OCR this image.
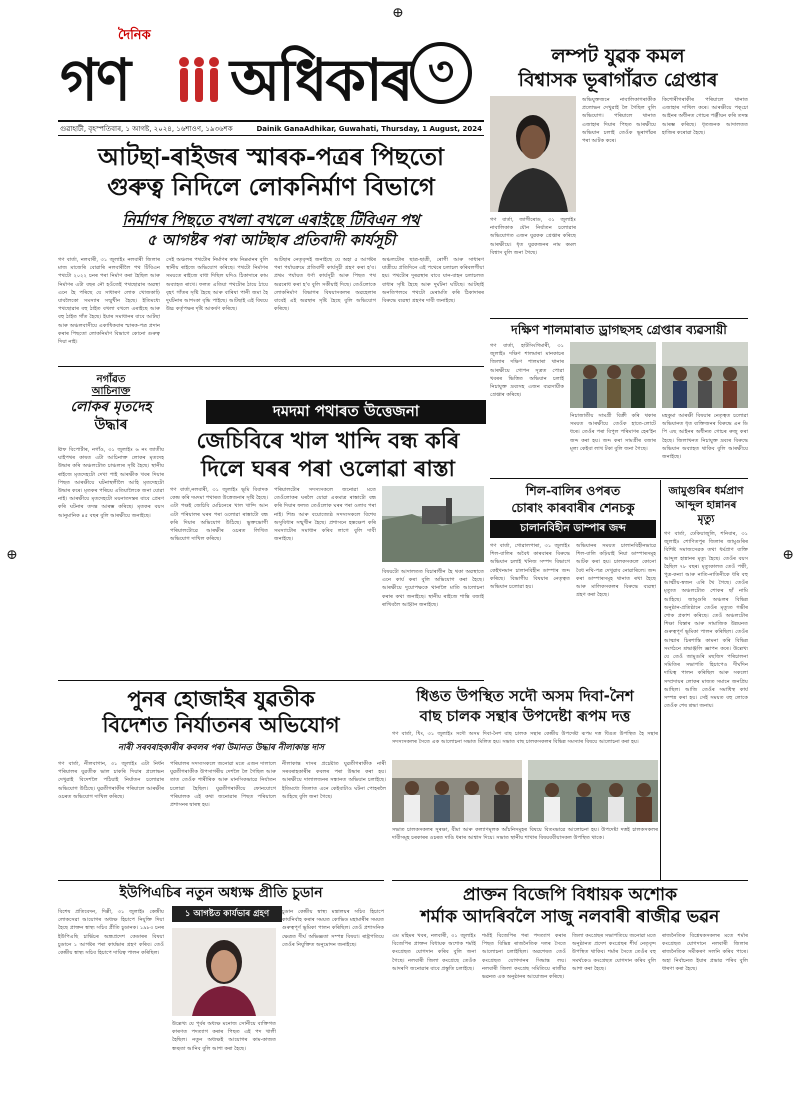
⊕
⊕	⊕
দৈনিক
গণ অধিকাৰ ৩
গুৱাহাটী, বৃহস্পতিবাৰ, ১ আগষ্ট, ২০২৪, ১৬শাওণ, ১৯৩৬শক	Dainik GanaAdhikar, Guwahati, Thursday, 1 August, 2024
আটছা-ৰাইজৰ স্মাৰক-পত্ৰৰ পিছতো
গুৰুত্ব নিদিলে লোকনিৰ্মাণ বিভাগে
নিৰ্মাণৰ পিছতে বখলা বখলে এৰাইছে টিবিএন পথ
৫ আগষ্টৰ পৰা আটছাৰ প্ৰতিবাদী কাৰ্যসূচী
গণ বাৰ্তা, নলবাৰী, ৩১ জুলাইঃ নলবাৰী জিলাৰ মাজ মাজেৰি বোৱাৰি নলবাৰীলৈ পথ টিবিএন পথটো ২০২২ চনৰ পৰা নিৰ্মাণ কৰা হৈছিল আৰু নিৰ্মাণৰ এটা বছৰ নৌ হওঁতেই পথছোৱাৰ অৱস্থা এনে হৈ পৰিছে যে সাধাৰণ লোক খোজকাঢ়ি যাবলৈকো সমস্যাৰ সন্মুখীন হৈছে। ইতিমধ্যে পথছোৱাৰ বহু ঠাইত বখলা বখলে এৰাইছে আৰু বহু ঠাইত গাঁত হৈছে। ইয়াৰ সমাধানৰ বাবে আটছা আৰু অঞ্চলবাসীয়ে একাধিকবাৰ স্মাৰক-পত্ৰ প্ৰদান কৰাৰ পিছতো লোকনিৰ্মাণ বিভাগে কোনো গুৰুত্ব দিয়া নাই।
সেই অঞ্চলৰ পথটোৰ নিৰ্মাণৰ কাম নিম্নমানৰ বুলি স্থানীয় ৰাইজে অভিযোগ কৰিছে। পথটো নিৰ্মাণৰ সময়তে ৰাইজে বাধা দিছিল যদিও ঠিকাদাৰে কাম অব্যাহত ৰাখে। ফলত এতিয়া পথটোৰ ঠায়ে ঠায়ে বৃহৎ গাঁতৰ সৃষ্টি হৈছে আৰু বাৰিষা পানী জমা হৈ দুৰ্ঘটনাৰ আশংকা বৃদ্ধি পাইছে। আটছাই এই বিষয়ে উচ্চ কৰ্তৃপক্ষৰ দৃষ্টি আকৰ্ষণ কৰিছে।
আটছাৰ নেতৃবৃন্দই জনাইছে যে অহা ৫ আগষ্টৰ পৰা পৰ্যায়ক্ৰমে প্ৰতিবাদী কাৰ্যসূচী গ্ৰহণ কৰা হ'ব। প্ৰথম পৰ্যায়ত ধৰ্ণা কাৰ্যসূচী আৰু পিছত পথ অৱৰোধ কৰা হ'ব বুলি সকীয়াই দিছে। তেওঁলোকে লোকনিৰ্মাণ বিভাগৰ বিষয়াসকলৰ অৱহেলাৰ বাবেই এই অৱস্থাৰ সৃষ্টি হৈছে বুলি অভিযোগ কৰিছে।
অঞ্চলটোৰ ছাত্ৰ-ছাত্ৰী, ৰোগী আৰু সাধাৰণ যাত্ৰীয়ে প্ৰতিদিনে এই পথেৰে চলাচল কৰিবলগীয়া হয়। পথটোৰ দুৰৱস্থাৰ বাবে যান-বাহন চলাচলত বাধাৰ সৃষ্টি হৈছে আৰু দুৰ্ঘটনা ঘটিছে। আটছাই অনতিপলমে পথটো মেৰামতি কৰি ঠিকাদাৰৰ বিৰুদ্ধে ব্যৱস্থা গ্ৰহণৰ দাবী জনাইছে।
নগাঁৱত
আচিনাক্ত
লোকৰ মৃতদেহ
উদ্ধাৰ
ষ্টাফ বিপোৰ্টাৰ, নগাঁও, ৩১ জুলাইঃ ৬ নং জাতীয় ঘাইপথৰ কাষত এটা আচিনাক্ত লোকৰ মৃতদেহ উদ্ধাৰ কৰি অঞ্চলটোত চাঞ্চল্যৰ সৃষ্টি হৈছে। স্থানীয় ৰাইজে মৃতদেহটো দেখা পাই আৰক্ষীক খবৰ দিয়াৰ পিছত আৰক্ষীয়ে ঘটনাস্থলীলৈ আহি মৃতদেহটো উদ্ধাৰ কৰে। মৃতকৰ পৰিচয় এতিয়ালৈকে জনা যোৱা নাই। আৰক্ষীয়ে মৃতদেহটো ময়নাতদন্তৰ বাবে প্ৰেৰণ কৰি ঘটনাৰ তদন্ত আৰম্ভ কৰিছে। মৃতকৰ বয়স আনুমানিক ৪৫ বছৰ বুলি আৰক্ষীয়ে জনাইছে।
দমদমা পথাৰত উত্তেজনা
জেচিবিৰে খাল খান্দি বন্ধ কৰি
দিলে ঘৰৰ পৰা ওলোৱা ৰাস্তা
গণ বাৰ্তা,নলবাৰী, ৩১ জুলাইঃ ভূমি বিবাদক কেন্দ্ৰ কৰি দমদমা পথাৰত উত্তেজনাৰ সৃষ্টি হৈছে। এটা পক্ষই জেচিবি মেচিনেৰে খাল খান্দি আন এটা পৰিয়ালৰ ঘৰৰ পৰা ওলোৱা ৰাস্তাটো বন্ধ কৰি দিয়াৰ অভিযোগ উঠিছে। ভুক্তভোগী পৰিয়ালটোৱে আৰক্ষীৰ ওচৰত লিখিত অভিযোগ দাখিল কৰিছে।
পৰিয়ালটোৰ সদস্যসকলে জনোৱা মতে তেওঁলোকৰ ঘৰলৈ যোৱা একমাত্ৰ ৰাস্তাটো বন্ধ কৰি দিয়াৰ ফলত তেওঁলোক ঘৰৰ পৰা ওলাব পৰা নাই। শিশু আৰু বয়োজ্যেষ্ঠ সদস্যসকলে বিশেষ অসুবিধাৰ সন্মুখীন হৈছে। প্ৰশাসনে হস্তক্ষেপ কৰি সমস্যাটোৰ সমাধান কৰিব লাগে বুলি দাবী জনাইছে।
বিষয়টো আদালতত বিচাৰাধীন হৈ থকা অৱস্থাতে এনে কাৰ্য কৰা বুলি অভিযোগ কৰা হৈছে। আৰক্ষীয়ে দুয়োপক্ষকে থানালৈ মাতি আলোচনা কৰাৰ কথা জনাইছে। স্থানীয় ৰাইজে শান্তি বজাই ৰাখিবলৈ আহ্বান জনাইছে।
পুনৰ হোজাইৰ যুৱতীক
বিদেশত নিৰ্যাতনৰ অভিযোগ
নাৰী সৰবৰাহকাৰীৰ কবলৰ পৰা উমানত উদ্ধাৰ নীলাকান্ত দাস
গণ বাৰ্তা, নীলবাগান, ৩১ জুলাইঃ এটা নিৰ্ধন পৰিয়ালৰ যুৱতীক ভাল চাকৰি দিয়াৰ প্ৰলোভন দেখুৱাই বিদেশলৈ পঠিয়াই নিৰ্যাতন চলোৱাৰ অভিযোগ উঠিছে। যুৱতীগৰাকীৰ পৰিয়ালে আৰক্ষীৰ ওচৰত অভিযোগ দাখিল কৰিছে।
পৰিয়ালৰ সদস্যসকলে জনোৱা মতে এজন দালালে যুৱতীগৰাকীক উপসাগৰীয় দেশলৈ লৈ গৈছিল আৰু তাত তেওঁক শাৰীৰিক আৰু মানসিকভাৱে নিৰ্যাতন চলোৱা হৈছিল। যুৱতীগৰাকীয়ে ফোনযোগে পৰিয়ালক এই কথা জনোৱাৰ পিছত পৰিয়ালে প্ৰশাসনৰ দ্বাৰস্থ হয়।
নীলাকান্ত দাসৰ প্ৰচেষ্টাত যুৱতীগৰাকীক নাৰী সৰবৰাহকাৰীৰ কবলৰ পৰা উদ্ধাৰ কৰা হয়। আৰক্ষীয়ে দালালজনৰ সন্ধানত অভিযান চলাইছে। ইতিমধ্যে জিলাত এনে কেইবাটাও ঘটনা পোহৰলৈ আহিছে বুলি জনা গৈছে।
ইউপিএচিৰ নতুন অধ্যক্ষ প্ৰীতি চুডান
বিশেষ প্ৰতিবেদন, দিল্লী, ৩১ জুলাইঃ কেন্দ্ৰীয় লোকসেৱা আয়োগৰ অধ্যক্ষ হিচাপে নিযুক্তি দিয়া হৈছে প্ৰাক্তন স্বাস্থ্য সচিব প্ৰীতি চুডানক। ১৯৮৩ চনৰ ইউপিএছি চাৰ্ভিচৰ অন্ধ্ৰপ্ৰদেশ কেডাৰৰ বিষয়া চুডানে ১ আগষ্টৰ পৰা কাৰ্যভাৰ গ্ৰহণ কৰিব। তেওঁ কেন্দ্ৰীয় স্বাস্থ্য সচিব হিচাপে দায়িত্ব পালন কৰিছিল।
১ আগষ্টত কাৰ্যভাৰ গ্ৰহণ
উল্লেখ্য যে পূৰ্বৰ অধ্যক্ষ মনোজ সোনীয়ে ব্যক্তিগত কাৰণত পদত্যাগ কৰাৰ পিছত এই পদ খালী হৈছিল। নতুন অধ্যক্ষই আয়োগৰ কাম-কাজত স্বচ্ছতা আনিব বুলি আশা কৰা হৈছে।
চুডান কেন্দ্ৰীয় স্বাস্থ্য মন্ত্ৰালয়ৰ সচিব হিচাপে কাৰ্যনিৰ্বাহ কৰাৰ সময়ত কোভিড মহামাৰীৰ সময়ত গুৰুত্বপূৰ্ণ ভূমিকা পালন কৰিছিল। তেওঁ প্ৰশাসনিক ক্ষেত্ৰত দীৰ্ঘ অভিজ্ঞতা সম্পন্ন বিষয়া। ৰাষ্ট্ৰপতিয়ে তেওঁৰ নিযুক্তিত অনুমোদন জনাইছে।
লম্পট যুৱক কমল
বিশ্বাসক ভূৰাগাঁৱত গ্ৰেপ্তাৰ
গণ বাৰ্তা, জাগীৰোড, ৩১ জুলাইঃ নাবালিকাক যৌন নিৰ্যাতন চলোৱাৰ অভিযোগত এজন যুৱকক গ্ৰেপ্তাৰ কৰিছে আৰক্ষীয়ে। ধৃত যুৱকজনৰ নাম কমল বিশ্বাস বুলি জনা গৈছে।
অভিযুক্তজনে নাবালিকাগৰাকীক প্ৰলোভন দেখুৱাই লৈ গৈছিল বুলি অভিযোগ। পৰিয়ালে থানাত এজাহাৰ দিয়াৰ পিছত আৰক্ষীয়ে অভিযান চলাই তেওঁক ভূৰাগাঁৱৰ পৰা আটক কৰে।
কিশোৰীগৰাকীৰ পৰিয়ালে থানাত এজাহাৰ দাখিল কৰে। আৰক্ষীয়ে পক্‌চো আইনৰ অধীনত গোচৰ পঞ্জীয়ন কৰি তদন্ত আৰম্ভ কৰিছে। ধৃতজনক আদালতত হাজিৰ কৰোৱা হৈছে।
দক্ষিণ শালমাৰাত ড্ৰাগছসহ গ্ৰেপ্তাৰ ব্যৱসায়ী
গণ বাৰ্তা, হাটসিংগিমাৰী, ৩১ জুলাইঃ দক্ষিণ শালমাৰা মানকাচৰ জিলাৰ দক্ষিণ শালমাৰা থানাৰ আৰক্ষীয়ে গোপন সূত্ৰত পোৱা খবৰৰ ভিত্তিত অভিযান চলাই নিচাযুক্ত দ্ৰব্যসহ এজন ব্যৱসায়ীক গ্ৰেপ্তাৰ কৰিছে।
নিচাজাতীয় সামগ্ৰী বিক্ৰী কৰি থকাৰ সময়ত আৰক্ষীয়ে তেওঁক হাতে-লোটে ধৰে। তেওঁৰ পৰা বিপুল পৰিমাণৰ হেৰ'ইন জব্দ কৰা হয়। জব্দ কৰা সামগ্ৰীৰ বজাৰ মূল্য কেইবা লাখ টকা বুলি জনা গৈছে।
মহকুমা আৰক্ষী বিষয়াৰ নেতৃত্বত চলোৱা অভিযানত ধৃত ব্যক্তিজনৰ বিৰুদ্ধে এন ডি পি এছ আইনৰ অধীনত গোচৰ ৰুজু কৰা হৈছে। জিলাখনত নিচাযুক্ত দ্ৰব্যৰ বিৰুদ্ধে অভিযান অব্যাহত থাকিব বুলি আৰক্ষীয়ে জনাইছে।
শিল-বালিৰ ওপৰত
চোৰাং কাৰবাৰীৰ শেনচকু
চালানবিহীন ডাম্পাৰ জব্দ
গণ বাৰ্তা, গোৱালপাৰা, ৩১ জুলাইঃ শিল-বালিৰ অবৈধ কাৰবাৰৰ বিৰুদ্ধে অভিযান চলাই খনিজ সম্পদ বিভাগে কেইখনমান চালানবিহীন ডাম্পাৰ জব্দ কৰিছে। বিভাগীয় বিষয়াৰ নেতৃত্বত অভিযান চলোৱা হয়।
অভিযানৰ সময়ত চালানবিহীনভাৱে শিল-বালি কঢ়িয়াই নিয়া ডাম্পাৰসমূহ আটক কৰা হয়। চালকসকলে কোনো বৈধ নথি-পত্ৰ দেখুৱাব নোৱাৰিলে। জব্দ কৰা ডাম্পাৰসমূহ থানাত ৰখা হৈছে আৰু মালিকসকলৰ বিৰুদ্ধে ব্যৱস্থা গ্ৰহণ কৰা হৈছে।
জামুগুৰিৰ ধৰ্মপ্ৰাণ
আব্দুল হান্নানৰ
মৃত্যু
গণ বাৰ্তা, ঢেকিয়াজুলি, শনিবাৰ, ৩১ জুলাইঃ শোণিতপুৰ জিলাৰ জামুগুৰিৰ বিশিষ্ট সমাজসেৱক তথা ধৰ্মপ্ৰাণ ব্যক্তি আব্দুল হান্নানৰ মৃত্যু হৈছে। তেওঁৰ বয়স হৈছিল ৭৮ বছৰ। মৃত্যুকালত তেওঁ পত্নী, পুত্ৰ-কন্যা আৰু নাতি-নাতিনীকে ধৰি বহু আত্মীয়-স্বজন এৰি থৈ গৈছে। তেওঁৰ মৃত্যুত অঞ্চলটোত শোকৰ ছাঁ নামি আহিছে। জামুগুৰি অঞ্চলৰ বিভিন্ন অনুষ্ঠান-প্ৰতিষ্ঠানে তেওঁৰ মৃত্যুত গভীৰ শোক প্ৰকাশ কৰিছে। তেওঁ অঞ্চলটোৰ শিক্ষা বিস্তাৰ আৰু সামাজিক উন্নয়নত গুৰুত্বপূৰ্ণ ভূমিকা পালন কৰিছিল। তেওঁৰ আত্মাৰ চিৰশান্তি কামনা কৰি বিভিন্ন সংগঠনে শ্ৰদ্ধাঞ্জলি জ্ঞাপন কৰে। উল্লেখ্য যে তেওঁ জামুগুৰি মছজিদ পৰিচালনা সমিতিৰ সভাপতি হিচাপেও দীৰ্ঘদিন দায়িত্ব পালন কৰিছিল আৰু সকলো সম্প্ৰদায়ৰ লোকৰ মাজত সমানে জনপ্ৰিয় আছিল। আজি তেওঁৰ সমাধিস্থ কাৰ্য সম্পন্ন কৰা হয়। সেই সময়ত বহু লোকে তেওঁক শেষ শ্ৰদ্ধা জনায়।
ধিঙত উপস্থিত সদৌ অসম দিবা-নৈশ
বাছ চালক সন্থাৰ উপদেষ্টা ৰূপম দত্ত
গণ বাৰ্তা, ধিং, ৩১ জুলাইঃ সদৌ অসম দিবা-নৈশ বাছ চালক সন্থাৰ কেন্দ্ৰীয় উপদেষ্টা ৰূপম দত্ত ধিঙত উপস্থিত হৈ সন্থাৰ সদস্যসকলৰ সৈতে এক আলোচনা সভাত মিলিত হয়। সভাত বাছ চালকসকলৰ বিভিন্ন সমস্যাৰ বিষয়ে আলোচনা কৰা হয়।
সভাত চালকসকলৰ সুৰক্ষা, বীমা আৰু কল্যাণমূলক আঁচনিসমূহৰ বিষয়ে বিতংভাৱে আলোচনা হয়। উপদেষ্টা দত্তই চালকসকলৰ দাবীসমূহ চৰকাৰৰ ওচৰত দাঙি ধৰাৰ আশ্বাস দিয়ে। সভাত স্থানীয় শাখাৰ বিষয়ববীয়াসকল উপস্থিত থাকে।
প্ৰাক্তন বিজেপি বিধায়ক অশোক
শৰ্মাক আদৰিবলৈ সাজু নলবাৰী ৰাজীৱ ভৱন
এম মহিমৰ খবৰ, নলবাৰী, ৩১ জুলাইঃ বিজেপিৰ প্ৰাক্তন বিধায়ক অশোক শৰ্মাই কংগ্ৰেছত যোগদান কৰিব বুলি জনা গৈছে। নলবাৰী জিলা কংগ্ৰেছে তেওঁক আদৰণি জনোৱাৰ বাবে প্ৰস্তুতি চলাইছে।
শৰ্মাই বিজেপিৰ পৰা পদত্যাগ কৰাৰ পিছত বিভিন্ন ৰাজনৈতিক দলৰ সৈতে আলোচনা চলাইছিল। অৱশেষত তেওঁ কংগ্ৰেছত যোগদানৰ সিদ্ধান্ত লয়। নলবাৰী জিলা কংগ্ৰেছ সমিতিয়ে ৰাজীৱ ভৱনত এক অনুষ্ঠানৰ আয়োজন কৰিছে।
জিলা কংগ্ৰেছৰ সভাপতিয়ে জনোৱা মতে অনুষ্ঠানত প্ৰদেশ কংগ্ৰেছৰ শীৰ্ষ নেতৃবৃন্দ উপস্থিত থাকিব। শৰ্মাৰ সৈতে তেওঁৰ বহু সমৰ্থকেও কংগ্ৰেছত যোগদান কৰিব বুলি আশা কৰা হৈছে।
ৰাজনৈতিক বিশ্লেষকসকলৰ মতে শৰ্মাৰ কংগ্ৰেছত যোগদানে নলবাৰী জিলাৰ ৰাজনৈতিক সমীকৰণ সলনি কৰিব পাৰে। অহা নিৰ্বাচনত ইয়াৰ প্ৰভাৱ পৰিব বুলি ধাৰণা কৰা হৈছে।
